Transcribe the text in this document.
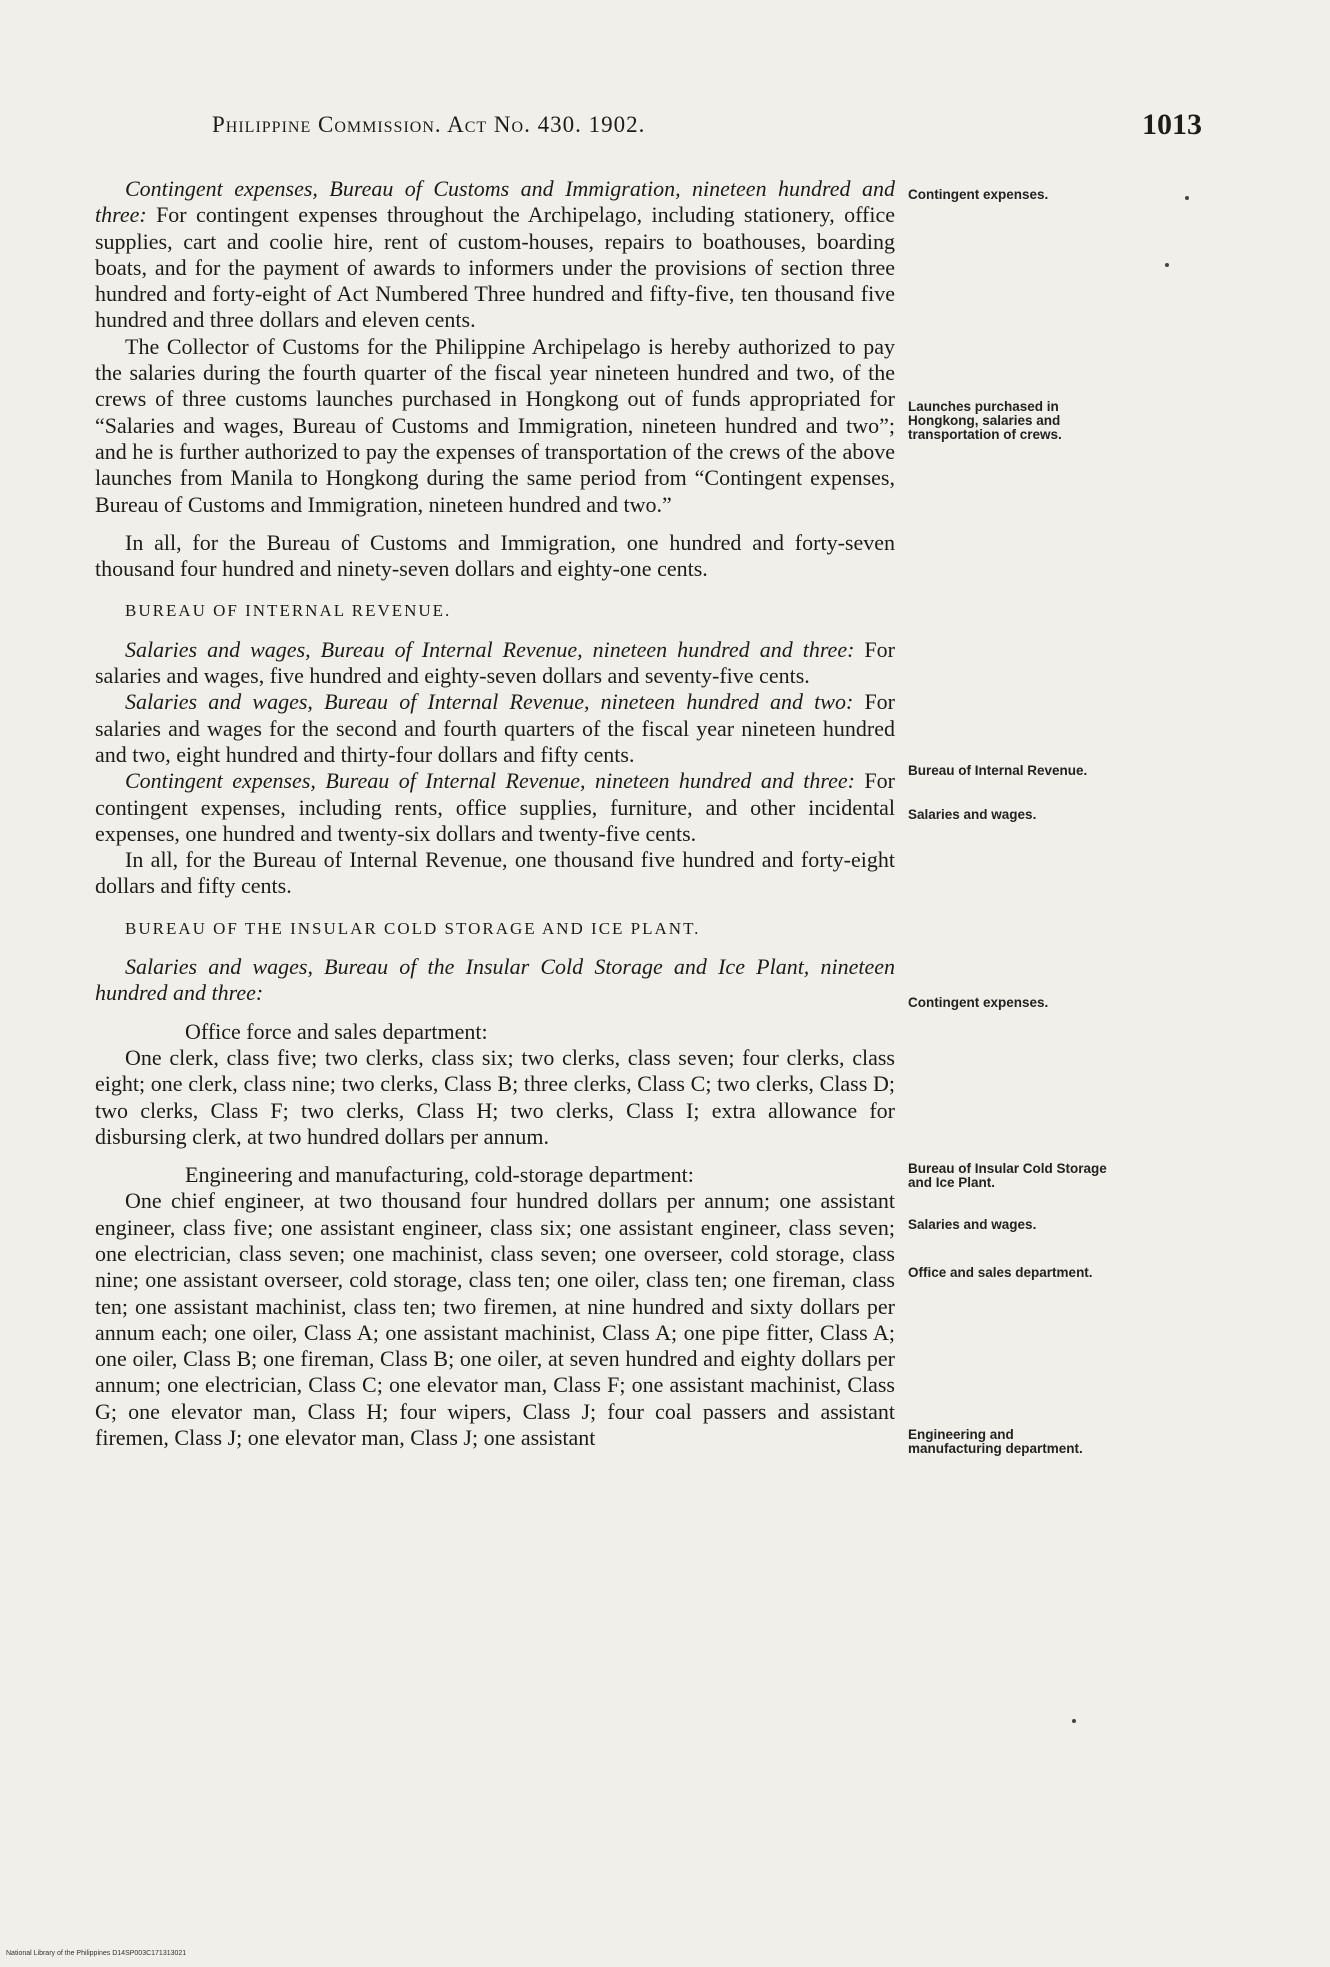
Philippine Commission. Act No. 430. 1902.	1013

Contingent expenses, Bureau of Customs and Immigration, nineteen hundred and three: For contingent expenses throughout the Archipelago, including stationery, office supplies, cart and coolie hire, rent of custom-houses, repairs to boathouses, boarding boats, and for the payment of awards to informers under the provisions of section three hundred and forty-eight of Act Numbered Three hundred and fifty-five, ten thousand five hundred and three dollars and eleven cents.

The Collector of Customs for the Philippine Archipelago is hereby authorized to pay the salaries during the fourth quarter of the fiscal year nineteen hundred and two, of the crews of three customs launches purchased in Hongkong out of funds appropriated for “Salaries and wages, Bureau of Customs and Immigration, nineteen hundred and two”; and he is further authorized to pay the expenses of transportation of the crews of the above launches from Manila to Hongkong during the same period from “Contingent expenses, Bureau of Customs and Immigration, nineteen hundred and two.”

In all, for the Bureau of Customs and Immigration, one hundred and forty-seven thousand four hundred and ninety-seven dollars and eighty-one cents.

BUREAU OF INTERNAL REVENUE.

Salaries and wages, Bureau of Internal Revenue, nineteen hundred and three: For salaries and wages, five hundred and eighty-seven dollars and seventy-five cents.

Salaries and wages, Bureau of Internal Revenue, nineteen hundred and two: For salaries and wages for the second and fourth quarters of the fiscal year nineteen hundred and two, eight hundred and thirty-four dollars and fifty cents.

Contingent expenses, Bureau of Internal Revenue, nineteen hundred and three: For contingent expenses, including rents, office supplies, furniture, and other incidental expenses, one hundred and twenty-six dollars and twenty-five cents.

In all, for the Bureau of Internal Revenue, one thousand five hundred and forty-eight dollars and fifty cents.

BUREAU OF THE INSULAR COLD STORAGE AND ICE PLANT.

Salaries and wages, Bureau of the Insular Cold Storage and Ice Plant, nineteen hundred and three:

Office force and sales department:

One clerk, class five; two clerks, class six; two clerks, class seven; four clerks, class eight; one clerk, class nine; two clerks, Class B; three clerks, Class C; two clerks, Class D; two clerks, Class F; two clerks, Class H; two clerks, Class I; extra allowance for disbursing clerk, at two hundred dollars per annum.

Engineering and manufacturing, cold-storage department:

One chief engineer, at two thousand four hundred dollars per annum; one assistant engineer, class five; one assistant engineer, class six; one assistant engineer, class seven; one electrician, class seven; one machinist, class seven; one overseer, cold storage, class nine; one assistant overseer, cold storage, class ten; one oiler, class ten; one fireman, class ten; one assistant machinist, class ten; two firemen, at nine hundred and sixty dollars per annum each; one oiler, Class A; one assistant machinist, Class A; one pipe fitter, Class A; one oiler, Class B; one fireman, Class B; one oiler, at seven hundred and eighty dollars per annum; one electrician, Class C; one elevator man, Class F; one assistant machinist, Class G; one elevator man, Class H; four wipers, Class J; four coal passers and assistant firemen, Class J; one elevator man, Class J; one assistant

Contingent expenses.
Launches purchased in Hongkong, salaries and transportation of crews.
Bureau of Internal Revenue.
Salaries and wages.
Contingent expenses.
Bureau of Insular Cold Storage and Ice Plant.
Salaries and wages.
Office and sales department.
Engineering and manufacturing department.
National Library of the Philippines D14SP003C171313021
